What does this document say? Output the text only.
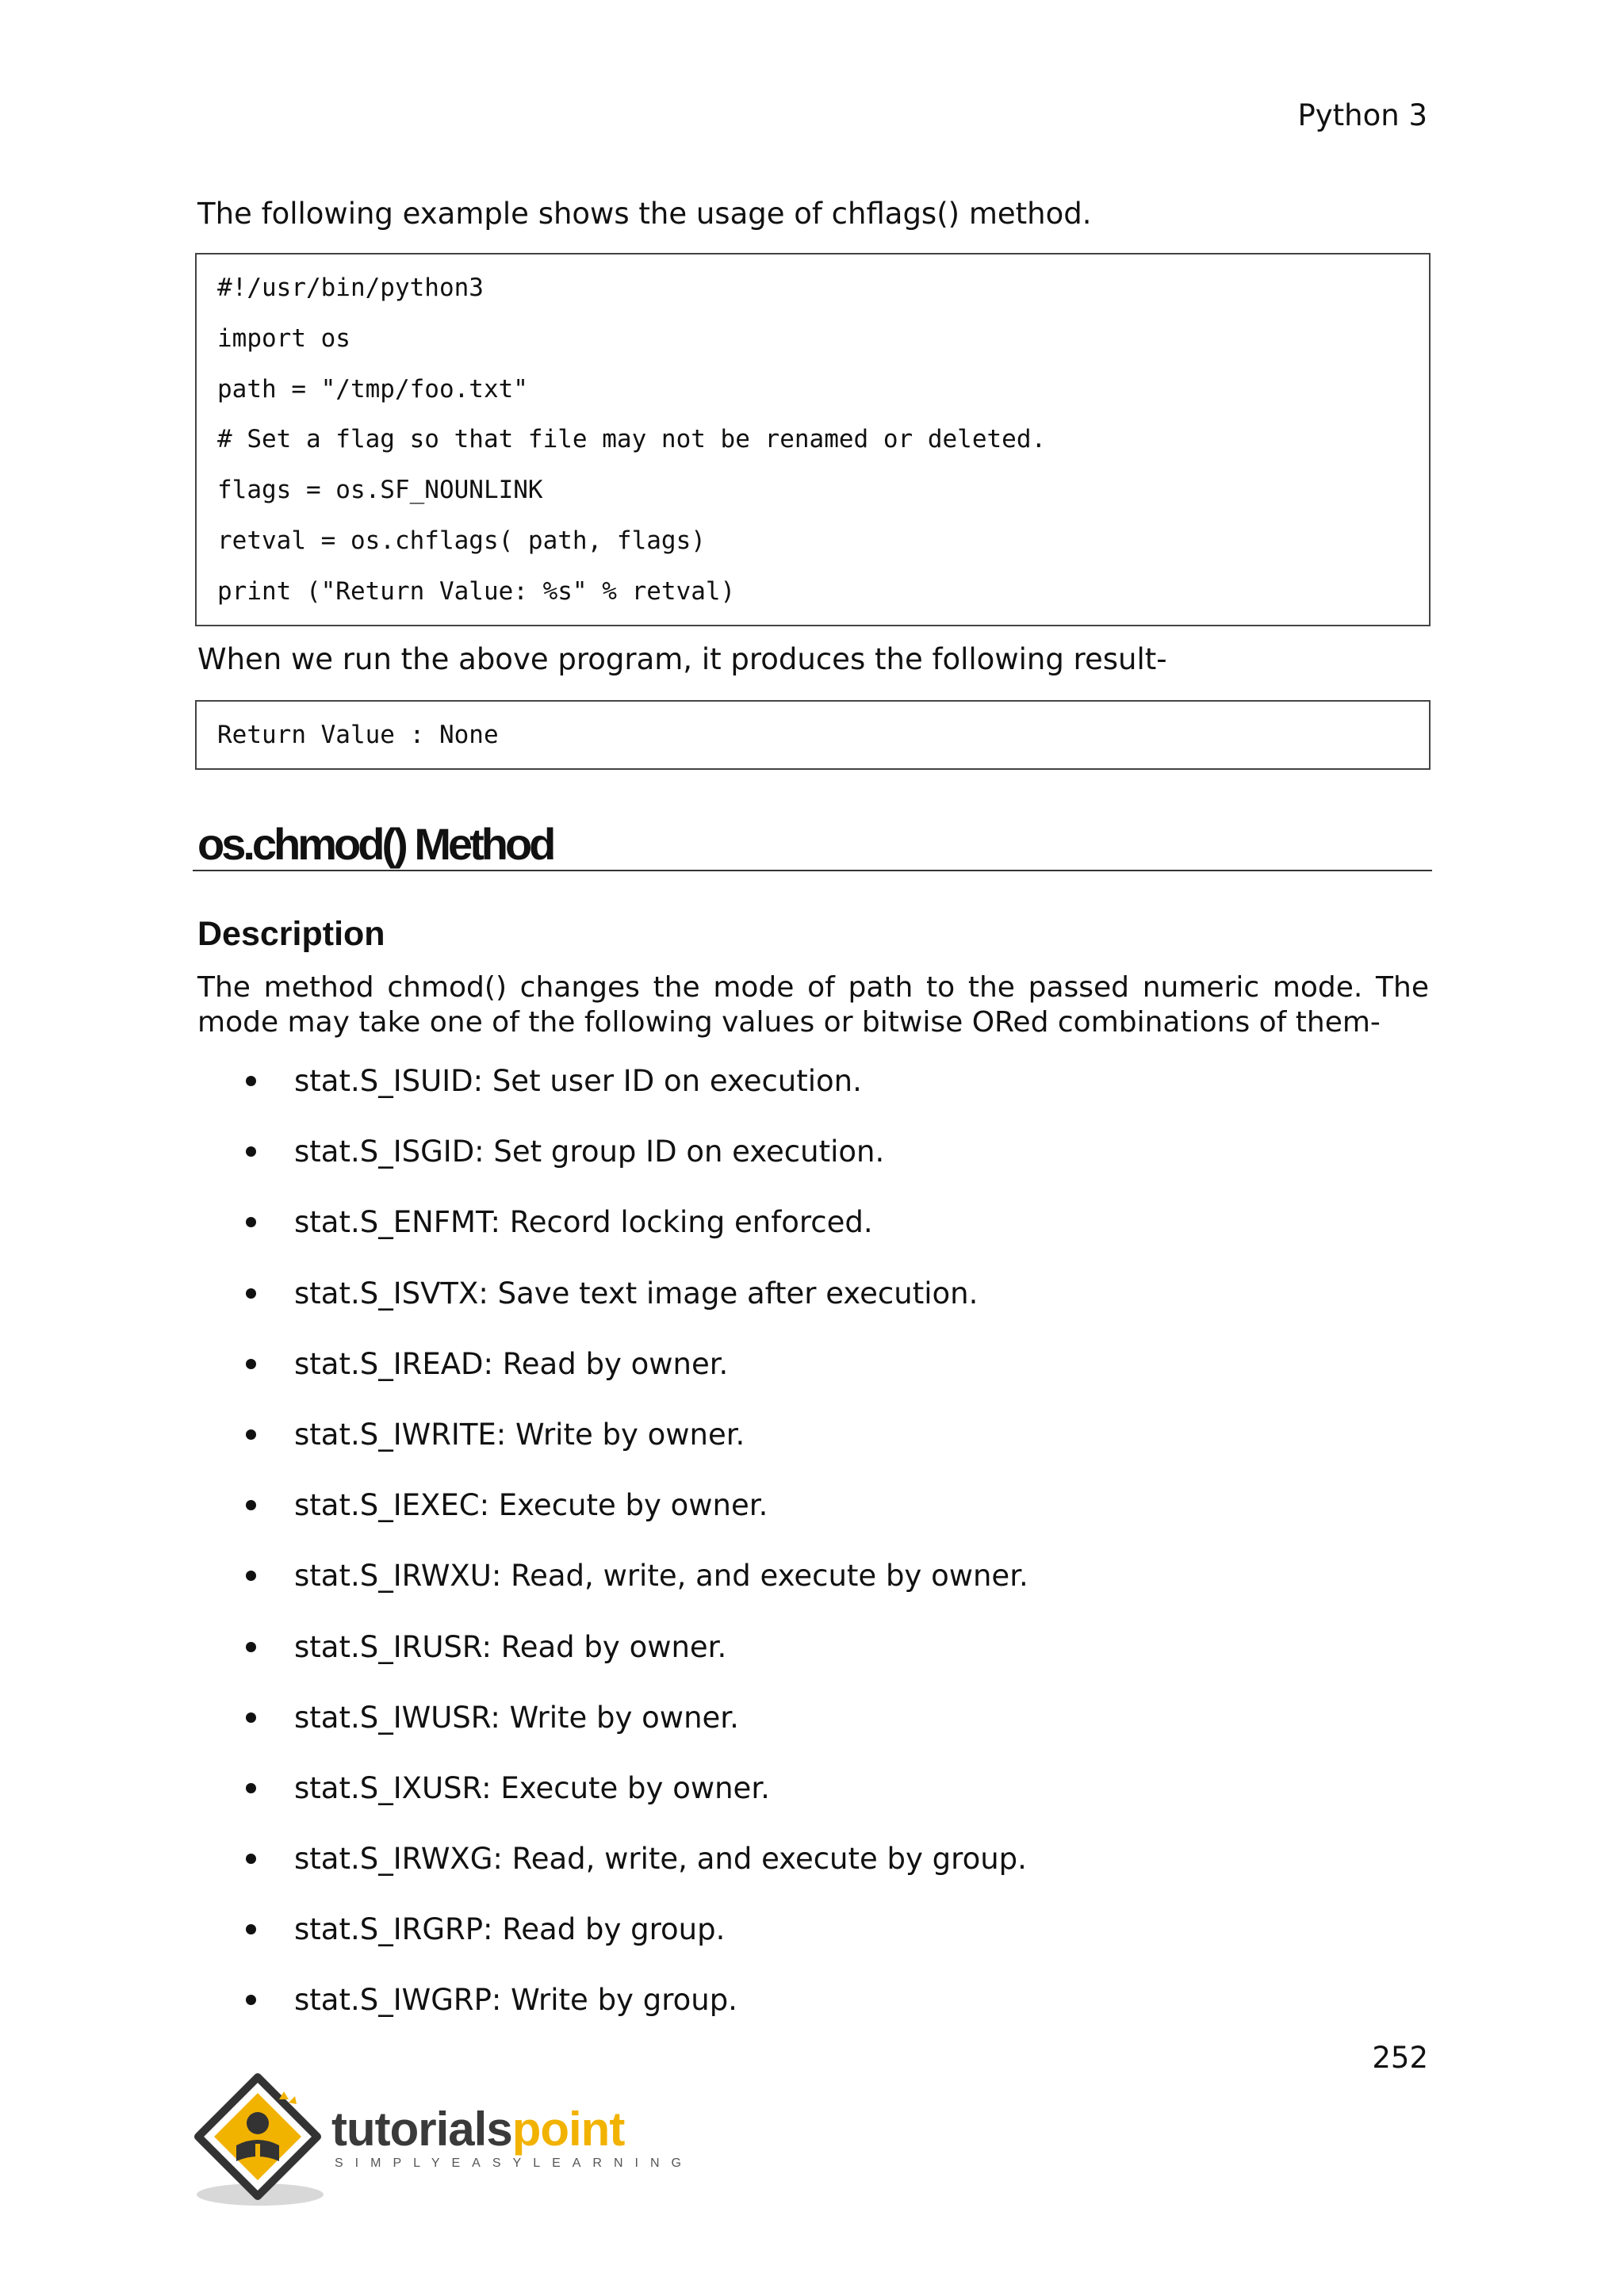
Python 3
The following example shows the usage of chflags() method.
#!/usr/bin/python3
import os
path = "/tmp/foo.txt"
# Set a flag so that file may not be renamed or deleted.
flags = os.SF_NOUNLINK
retval = os.chflags( path, flags)
print ("Return Value: %s" % retval)
When we run the above program, it produces the following result-
Return Value : None
os.chmod() Method
Description
The method chmod() changes the mode of path to the passed numeric mode. The mode may take one of the following values or bitwise ORed combinations of them-
stat.S_ISUID: Set user ID on execution.
stat.S_ISGID: Set group ID on execution.
stat.S_ENFMT: Record locking enforced.
stat.S_ISVTX: Save text image after execution.
stat.S_IREAD: Read by owner.
stat.S_IWRITE: Write by owner.
stat.S_IEXEC: Execute by owner.
stat.S_IRWXU: Read, write, and execute by owner.
stat.S_IRUSR: Read by owner.
stat.S_IWUSR: Write by owner.
stat.S_IXUSR: Execute by owner.
stat.S_IRWXG: Read, write, and execute by group.
stat.S_IRGRP: Read by group.
stat.S_IWGRP: Write by group.
252
tutorialspoint
SIMPLYEASYLEARNING
